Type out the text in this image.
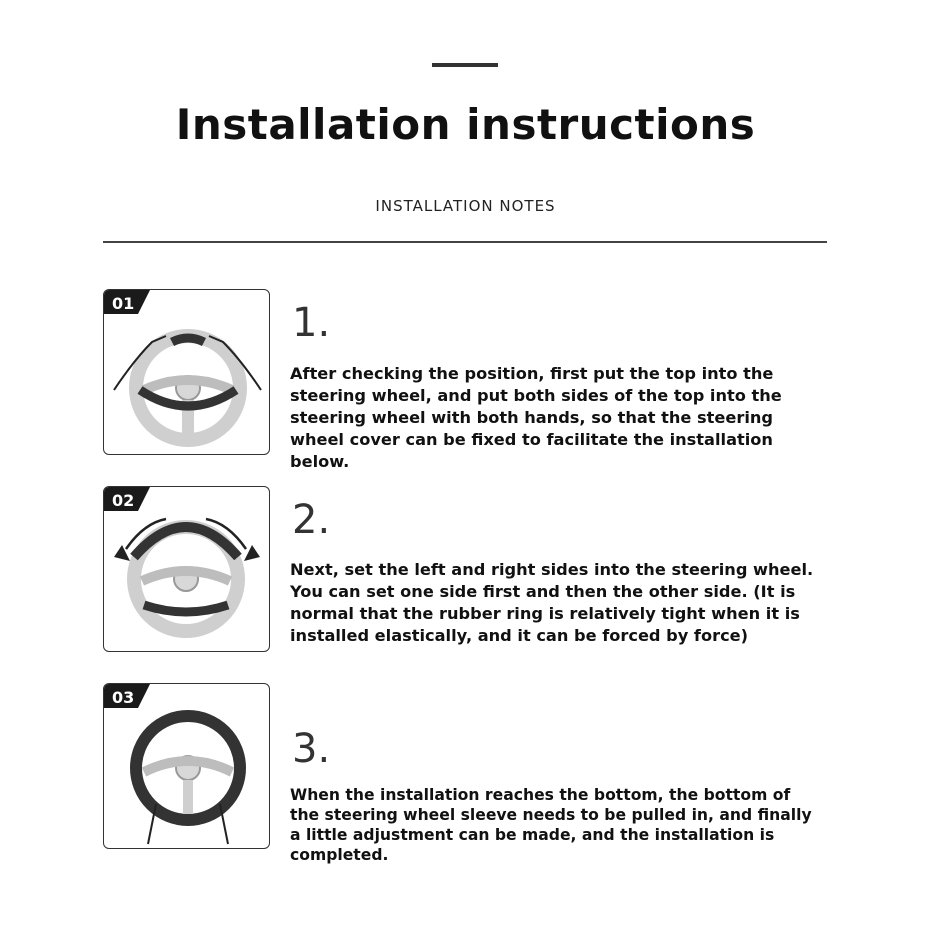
Installation instructions
INSTALLATION NOTES
01	1.
After checking the position, first put the top into the steering wheel, and put both sides of the top into the steering wheel with both hands, so that the steering wheel cover can be fixed to facilitate the installation below.
02	2.
Next, set the left and right sides into the steering wheel. You can set one side first and then the other side. (It is normal that the rubber ring is relatively tight when it is installed elastically, and it can be forced by force)
03
3.
When the installation reaches the bottom, the bottom of the steering wheel sleeve needs to be pulled in, and finally a little adjustment can be made, and the installation is completed.
